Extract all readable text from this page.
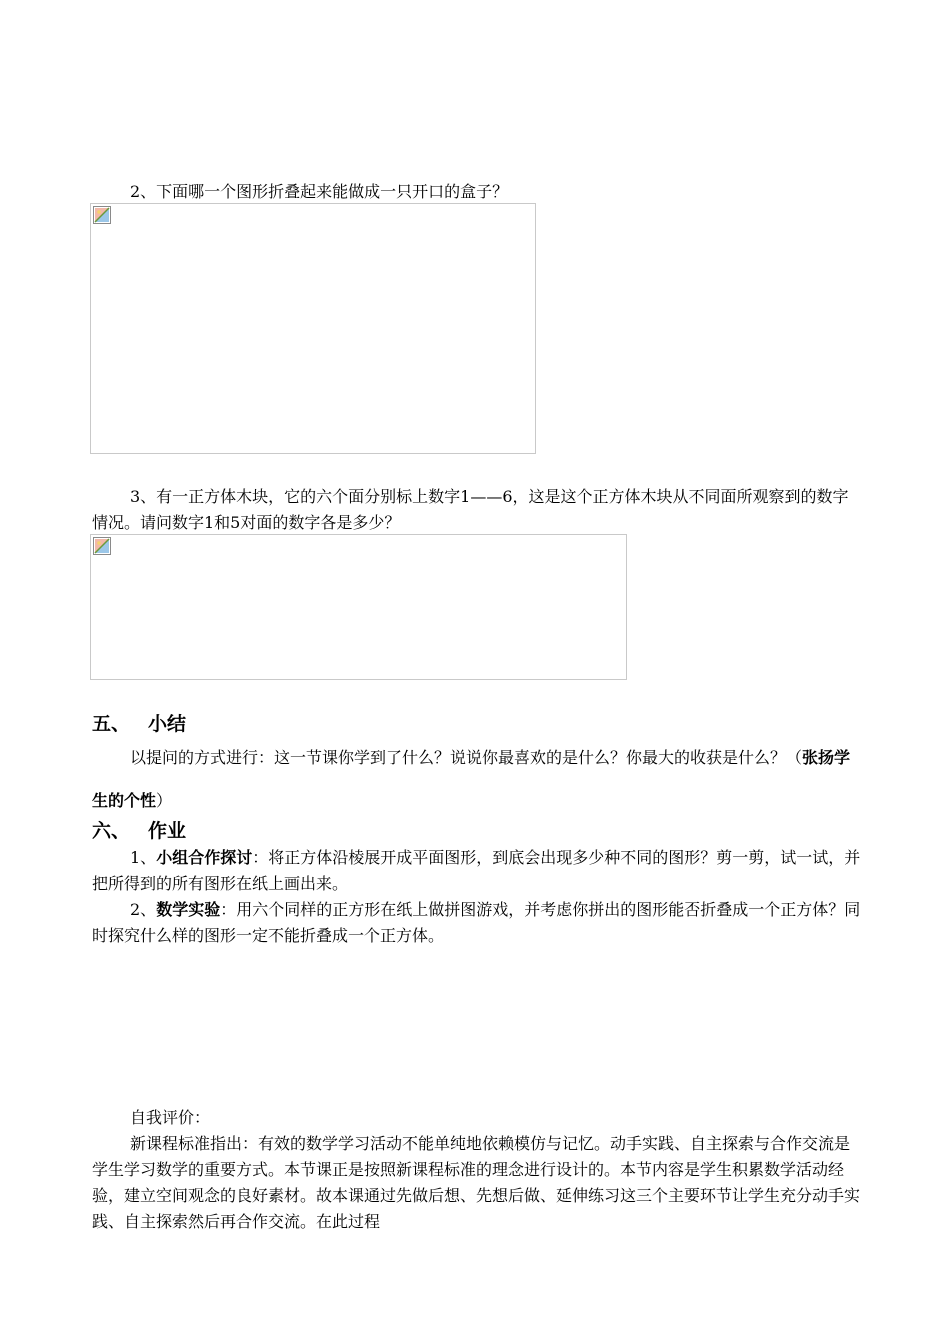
2、下面哪一个图形折叠起来能做成一只开口的盒子？

3、有一正方体木块，它的六个面分别标上数字1——6，这是这个正方体木块从不同面所观察到的数字情况。请问数字1和5对面的数字各是多少？

五、 小结

以提问的方式进行：这一节课你学到了什么？说说你最喜欢的是什么？你最大的收获是什么？（张扬学生的个性）

六、 作业

1、小组合作探讨：将正方体沿棱展开成平面图形，到底会出现多少种不同的图形？剪一剪，试一试，并把所得到的所有图形在纸上画出来。

2、数学实验：用六个同样的正方形在纸上做拼图游戏，并考虑你拼出的图形能否折叠成一个正方体？同时探究什么样的图形一定不能折叠成一个正方体。

自我评价：

新课程标准指出：有效的数学学习活动不能单纯地依赖模仿与记忆。动手实践、自主探索与合作交流是学生学习数学的重要方式。本节课正是按照新课程标准的理念进行设计的。本节内容是学生积累数学活动经验，建立空间观念的良好素材。故本课通过先做后想、先想后做、延伸练习这三个主要环节让学生充分动手实践、自主探索然后再合作交流。在此过程
